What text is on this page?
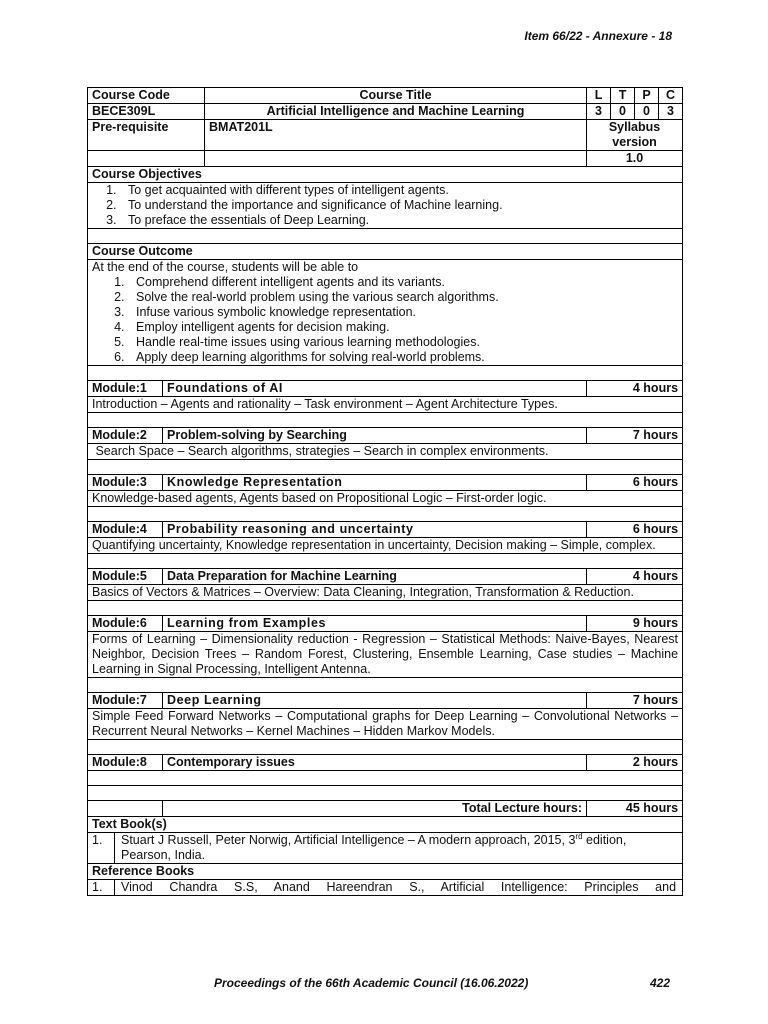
Item 66/22 - Annexure - 18
Course Code	Course Title	L	T	P	C
BECE309L	Artificial Intelligence and Machine Learning	3	0	0	3
Pre-requisite	BMAT201L	Syllabus version
		1.0
Course Objectives

1. To get acquainted with different types of intelligent agents.
2. To understand the importance and significance of Machine learning.
3. To preface the essentials of Deep Learning.

Course Outcome

At the end of the course, students will be able to
1. Comprehend different intelligent agents and its variants.
2. Solve the real-world problem using the various search algorithms.
3. Infuse various symbolic knowledge representation.
4. Employ intelligent agents for decision making.
5. Handle real-time issues using various learning methodologies.
6. Apply deep learning algorithms for solving real-world problems.

Module:1	Foundations of AI	4 hours
Introduction – Agents and rationality – Task environment – Agent Architecture Types.

Module:2	Problem-solving by Searching	7 hours
Search Space – Search algorithms, strategies – Search in complex environments.

Module:3	Knowledge Representation	6 hours
Knowledge-based agents, Agents based on Propositional Logic – First-order logic.

Module:4	Probability reasoning and uncertainty	6 hours
Quantifying uncertainty, Knowledge representation in uncertainty, Decision making – Simple, complex.

Module:5	Data Preparation for Machine Learning	4 hours
Basics of Vectors & Matrices – Overview: Data Cleaning, Integration, Transformation & Reduction.

Module:6	Learning from Examples	9 hours
Forms of Learning – Dimensionality reduction - Regression – Statistical Methods: Naive-Bayes, Nearest Neighbor, Decision Trees – Random Forest, Clustering, Ensemble Learning, Case studies – Machine Learning in Signal Processing, Intelligent Antenna.

Module:7	Deep Learning	7 hours
Simple Feed Forward Networks – Computational graphs for Deep Learning – Convolutional Networks – Recurrent Neural Networks – Kernel Machines – Hidden Markov Models.

Module:8	Contemporary issues	2 hours

	Total Lecture hours:	45 hours
Text Book(s)

1.	Stuart J Russell, Peter Norwig, Artificial Intelligence – A modern approach, 2015, 3rd edition, Pearson, India.

Reference Books

1.	Vinod Chandra S.S, Anand Hareendran S., Artificial Intelligence: Principles and
Proceedings of the 66th Academic Council (16.06.2022)	422
